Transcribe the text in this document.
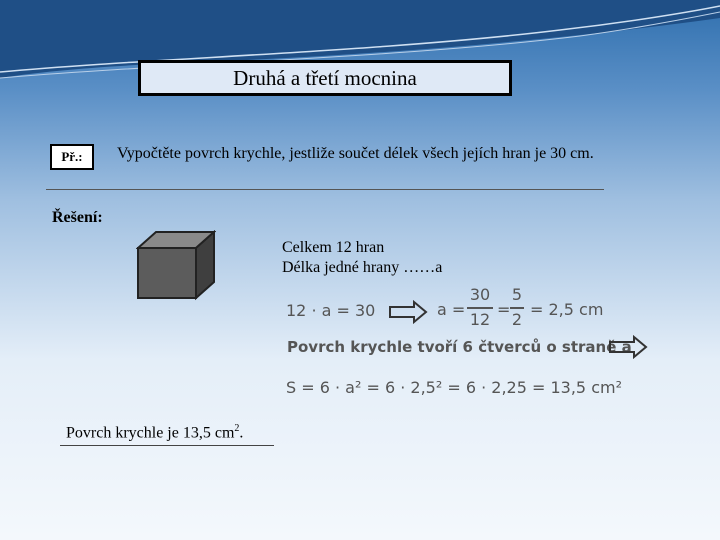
Druhá a třetí mocnina
Př.:	Vypočtěte povrch krychle, jestliže součet délek všech jejích hran je 30 cm.
Řešení:
Celkem 12 hran
Délka jedné hrany ……a
12 · a = 30	a =
30
12
=
5
2
= 2,5 cm
Povrch krychle tvoří 6 čtverců o straně a
S = 6 · a² = 6 · 2,5² = 6 · 2,25 = 13,5 cm²
Povrch krychle je 13,5 $cm^2$.
